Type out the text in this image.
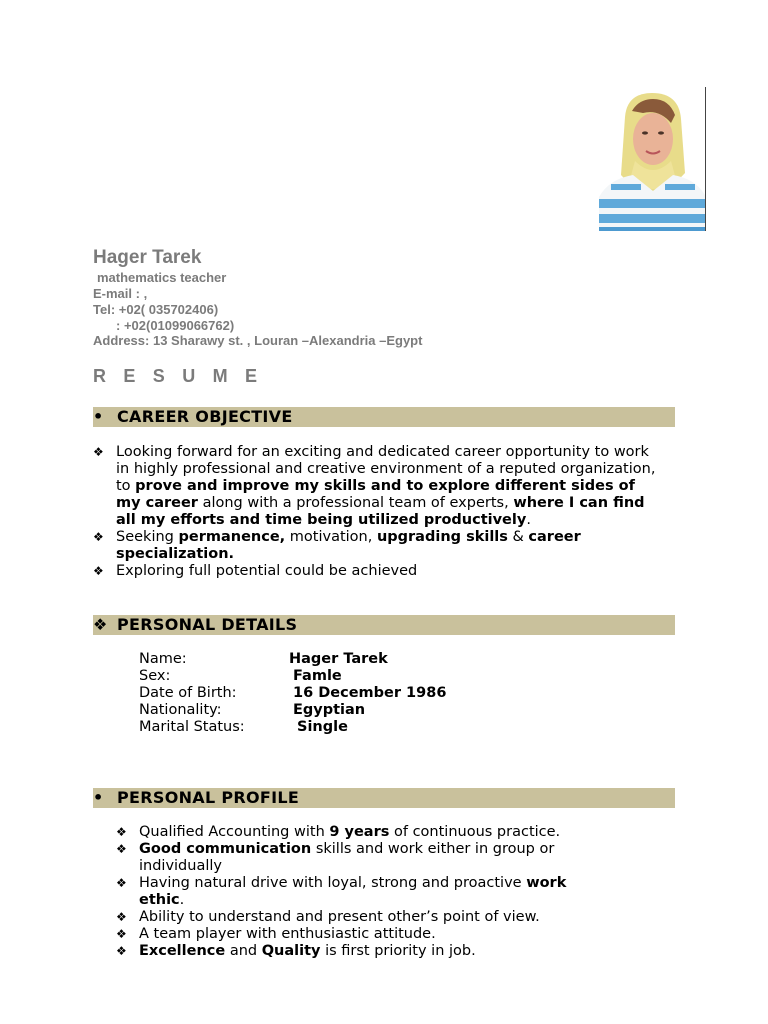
Hager Tarek
mathematics teacher
E-mail : ,
Tel: +02( 035702406)
: +02(01099066762)
Address: 13 Sharawy st. , Louran –Alexandria –Egypt
R E S U M E
• CAREER OBJECTIVE
❖ Looking forward for an exciting and dedicated career opportunity to work in highly professional and creative environment of a reputed organization, to prove and improve my skills and to explore different sides of my career along with a professional team of experts, where I can find all my efforts and time being utilized productively.
❖ Seeking permanence, motivation, upgrading skills & career specialization.
❖ Exploring full potential could be achieved
❖ PERSONAL DETAILS
Name:	Hager Tarek
Sex:	Famle
Date of Birth:	16 December 1986
Nationality:	Egyptian
Marital Status:	Single
• PERSONAL PROFILE
❖ Qualified Accounting with 9 years of continuous practice.
❖ Good communication skills and work either in group or individually
❖ Having natural drive with loyal, strong and proactive work ethic.
❖ Ability to understand and present other’s point of view.
❖ A team player with enthusiastic attitude.
❖ Excellence and Quality is first priority in job.
